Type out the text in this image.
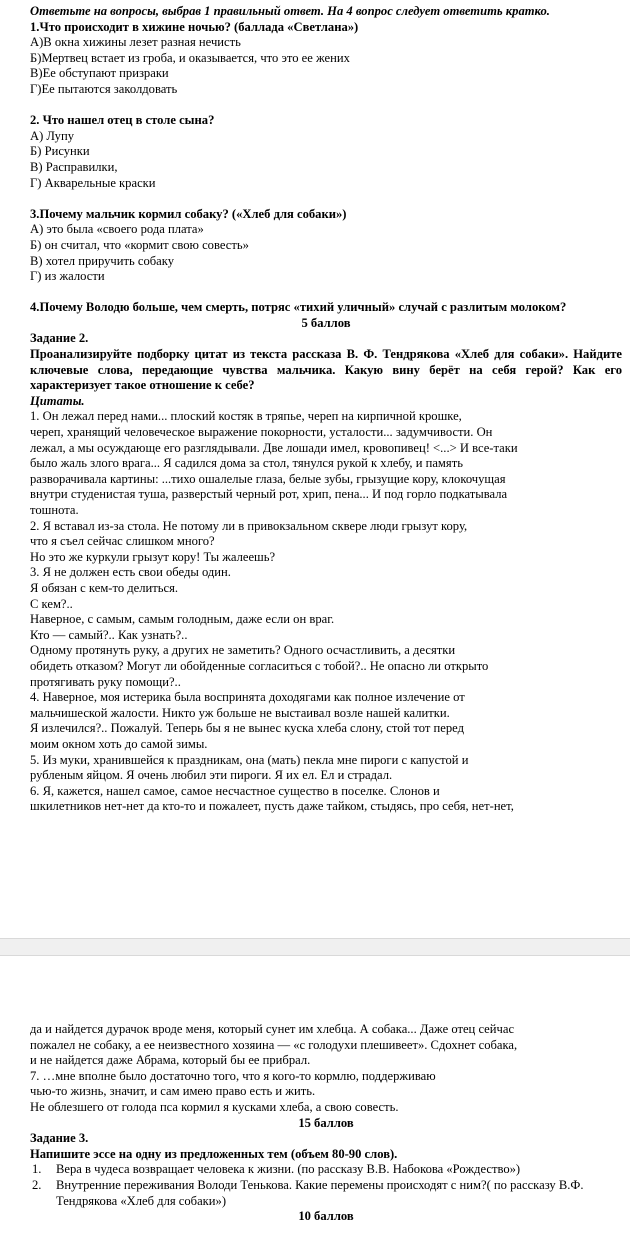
Ответьте на вопросы, выбрав 1 правильный ответ. На 4 вопрос следует ответить кратко.

1.Что происходит в хижине ночью? (баллада «Светлана»)

А)В окна хижины лезет разная нечисть

Б)Мертвец встает из гроба, и оказывается, что это ее жених

В)Ее обступают призраки

Г)Ее пытаются заколдовать

2. Что нашел отец в столе сына?

А) Лупу

Б) Рисунки

В) Расправилки,

Г) Акварельные краски

3.Почему мальчик кормил собаку? («Хлеб для собаки»)

А) это была «своего рода плата»

Б) он считал, что «кормит свою совесть»

В) хотел приручить собаку

Г) из жалости

4.Почему Володю больше, чем смерть, потряс «тихий уличный» случай с разлитым молоком?

5 баллов

Задание 2.

Проанализируйте подборку цитат из текста рассказа В. Ф. Тендрякова «Хлеб для собаки». Найдите ключевые слова, передающие чувства мальчика. Какую вину берёт на себя герой? Как его характеризует такое отношение к себе?

Цитаты.

1. Он лежал перед нами... плоский костяк в тряпье, череп на кирпичной крошке,

череп, хранящий человеческое выражение покорности, усталости... задумчивости. Он

лежал, а мы осуждающе его разглядывали. Две лошади имел, кровопивец! <...> И все-таки

было жаль злого врага... Я садился дома за стол, тянулся рукой к хлебу, и память

разворачивала картины: ...тихо ошалелые глаза, белые зубы, грызущие кору, клокочущая

внутри студенистая туша, разверстый черный рот, хрип, пена... И под горло подкатывала

тошнота.

2. Я вставал из-за стола. Не потому ли в привокзальном сквере люди грызут кору,

что я съел сейчас слишком много?

Но это же куркули грызут кору! Ты жалеешь?

3. Я не должен есть свои обеды один.

Я обязан с кем-то делиться.

С кем?..

Наверное, с самым, самым голодным, даже если он враг.

Кто — самый?.. Как узнать?..

Одному протянуть руку, а других не заметить? Одного осчастливить, а десятки

обидеть отказом? Могут ли обойденные согласиться с тобой?.. Не опасно ли открыто

протягивать руку помощи?..

4. Наверное, моя истерика была воспринята доходягами как полное излечение от

мальчишеской жалости. Никто уж больше не выстаивал возле нашей калитки.

Я излечился?.. Пожалуй. Теперь бы я не вынес куска хлеба слону, стой тот перед

моим окном хоть до самой зимы.

5. Из муки, хранившейся к праздникам, она (мать) пекла мне пироги с капустой и

рубленым яйцом. Я очень любил эти пироги. Я их ел. Ел и страдал.

6. Я, кажется, нашел самое, самое несчастное существо в поселке. Слонов и

шкилетников нет-нет да кто-то и пожалеет, пусть даже тайком, стыдясь, про себя, нет-нет,

да и найдется дурачок вроде меня, который сунет им хлебца. А собака... Даже отец сейчас

пожалел не собаку, а ее неизвестного хозяина — «с голодухи плешивеет». Сдохнет собака,

и не найдется даже Абрама, который бы ее прибрал.

7. …мне вполне было достаточно того, что я кого-то кормлю, поддерживаю

чью-то жизнь, значит, и сам имею право есть и жить.

Не облезшего от голода пса кормил я кусками хлеба, а свою совесть.

15 баллов

Задание 3.

Напишите эссе на одну из предложенных тем (объем 80-90 слов).

1.	Вера в чудеса возвращает человека к жизни. (по рассказу В.В. Набокова «Рождество»)
2.	Внутренние переживания Володи Тенькова. Какие перемены происходят с ним?( по рассказу В.Ф. Тендрякова «Хлеб для собаки»)

10 баллов
